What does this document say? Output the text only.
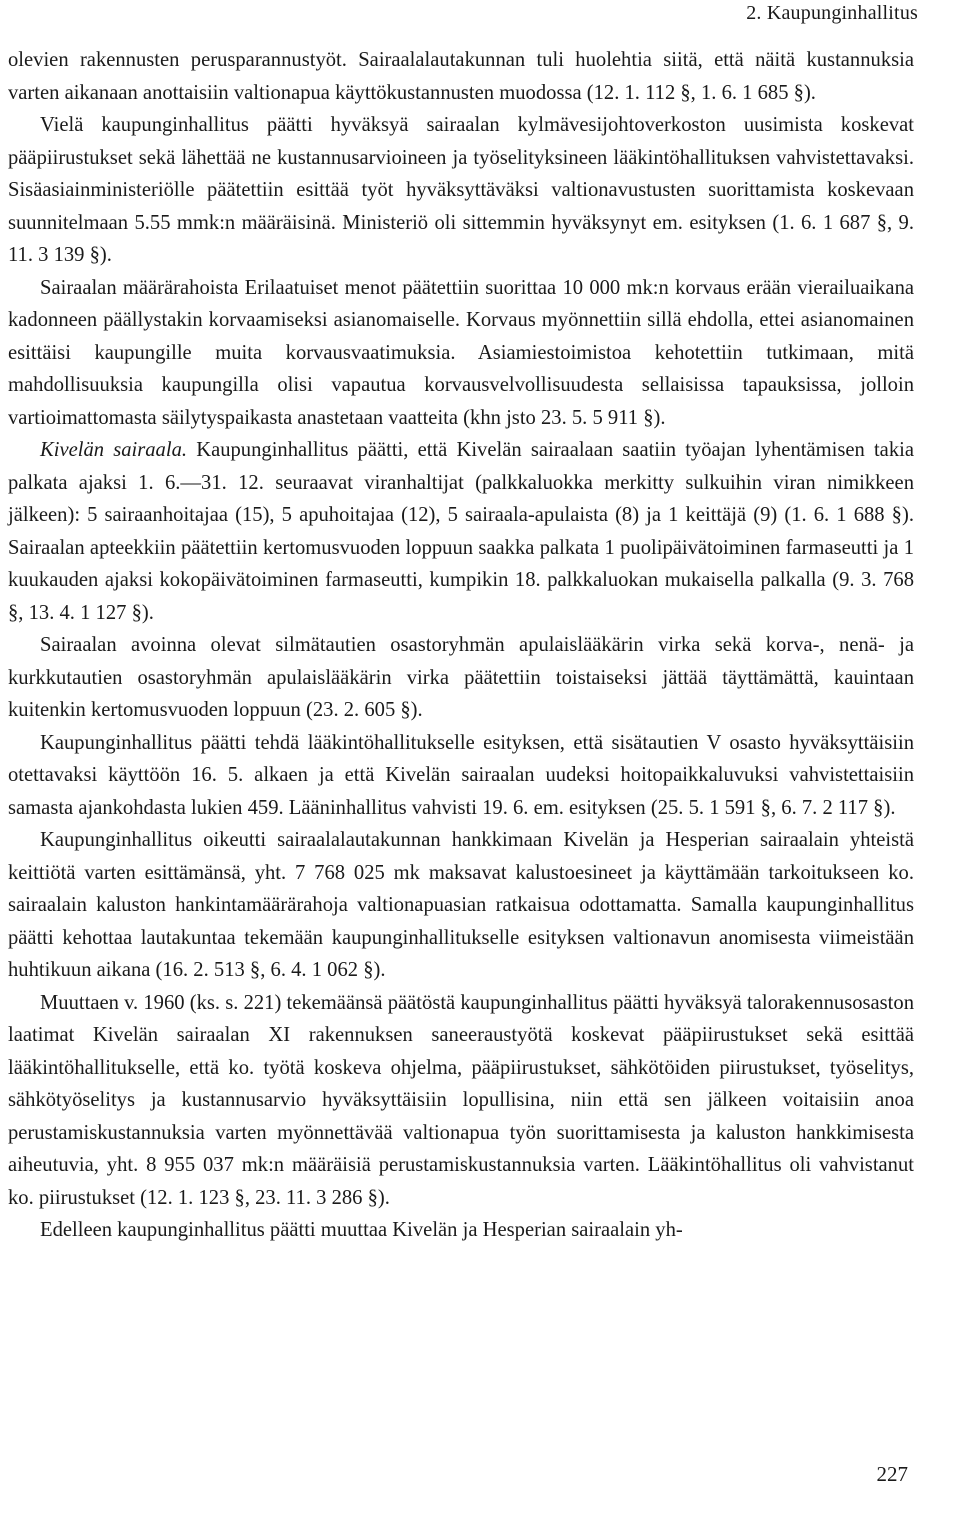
2. Kaupunginhallitus

olevien rakennusten perusparannustyöt. Sairaalalautakunnan tuli huolehtia siitä, että näitä kustannuksia varten aikanaan anottaisiin valtionapua käyttökustannusten muodossa (12. 1. 112 §, 1. 6. 1 685 §).

Vielä kaupunginhallitus päätti hyväksyä sairaalan kylmävesijohtoverkoston uusimista koskevat pääpiirustukset sekä lähettää ne kustannusarvioineen ja työselityksineen lääkintöhallituksen vahvistettavaksi. Sisäasiainministeriölle päätettiin esittää työt hyväksyttäväksi valtionavustusten suorittamista koskevaan suunnitelmaan 5.55 mmk:n määräisinä. Ministeriö oli sittemmin hyväksynyt em. esityksen (1. 6. 1 687 §, 9. 11. 3 139 §).

Sairaalan määrärahoista Erilaatuiset menot päätettiin suorittaa 10 000 mk:n korvaus erään vierailuaikana kadonneen päällystakin korvaamiseksi asianomaiselle. Korvaus myönnettiin sillä ehdolla, ettei asianomainen esittäisi kaupungille muita korvausvaatimuksia. Asiamiestoimistoa kehotettiin tutkimaan, mitä mahdollisuuksia kaupungilla olisi vapautua korvausvelvollisuudesta sellaisissa tapauksissa, jolloin vartioimattomasta säilytyspaikasta anastetaan vaatteita (khn jsto 23. 5. 5 911 §).

Kivelän sairaala. Kaupunginhallitus päätti, että Kivelän sairaalaan saatiin työajan lyhentämisen takia palkata ajaksi 1. 6.—31. 12. seuraavat viranhaltijat (palkkaluokka merkitty sulkuihin viran nimikkeen jälkeen): 5 sairaanhoitajaa (15), 5 apuhoitajaa (12), 5 sairaala-apulaista (8) ja 1 keittäjä (9) (1. 6. 1 688 §). Sairaalan apteekkiin päätettiin kertomusvuoden loppuun saakka palkata 1 puolipäivätoiminen farmaseutti ja 1 kuukauden ajaksi kokopäivätoiminen farmaseutti, kumpikin 18. palkkaluokan mukaisella palkalla (9. 3. 768 §, 13. 4. 1 127 §).

Sairaalan avoinna olevat silmätautien osastoryhmän apulaislääkärin virka sekä korva-, nenä- ja kurkkutautien osastoryhmän apulaislääkärin virka päätettiin toistaiseksi jättää täyttämättä, kauintaan kuitenkin kertomusvuoden loppuun (23. 2. 605 §).

Kaupunginhallitus päätti tehdä lääkintöhallitukselle esityksen, että sisätautien V osasto hyväksyttäisiin otettavaksi käyttöön 16. 5. alkaen ja että Kivelän sairaalan uudeksi hoitopaikkaluvuksi vahvistettaisiin samasta ajankohdasta lukien 459. Lääninhallitus vahvisti 19. 6. em. esityksen (25. 5. 1 591 §, 6. 7. 2 117 §).

Kaupunginhallitus oikeutti sairaalalautakunnan hankkimaan Kivelän ja Hesperian sairaalain yhteistä keittiötä varten esittämänsä, yht. 7 768 025 mk maksavat kalustoesineet ja käyttämään tarkoitukseen ko. sairaalain kaluston hankintamäärärahoja valtionapuasian ratkaisua odottamatta. Samalla kaupunginhallitus päätti kehottaa lautakuntaa tekemään kaupunginhallitukselle esityksen valtionavun anomisesta viimeistään huhtikuun aikana (16. 2. 513 §, 6. 4. 1 062 §).

Muuttaen v. 1960 (ks. s. 221) tekemäänsä päätöstä kaupunginhallitus päätti hyväksyä talorakennusosaston laatimat Kivelän sairaalan XI rakennuksen saneeraustyötä koskevat pääpiirustukset sekä esittää lääkintöhallitukselle, että ko. työtä koskeva ohjelma, pääpiirustukset, sähkötöiden piirustukset, työselitys, sähkötyöselitys ja kustannusarvio hyväksyttäisiin lopullisina, niin että sen jälkeen voitaisiin anoa perustamiskustannuksia varten myönnettävää valtionapua työn suorittamisesta ja kaluston hankkimisesta aiheutuvia, yht. 8 955 037 mk:n määräisiä perustamiskustannuksia varten. Lääkintöhallitus oli vahvistanut ko. piirustukset (12. 1. 123 §, 23. 11. 3 286 §).

Edelleen kaupunginhallitus päätti muuttaa Kivelän ja Hesperian sairaalain yh-

227
